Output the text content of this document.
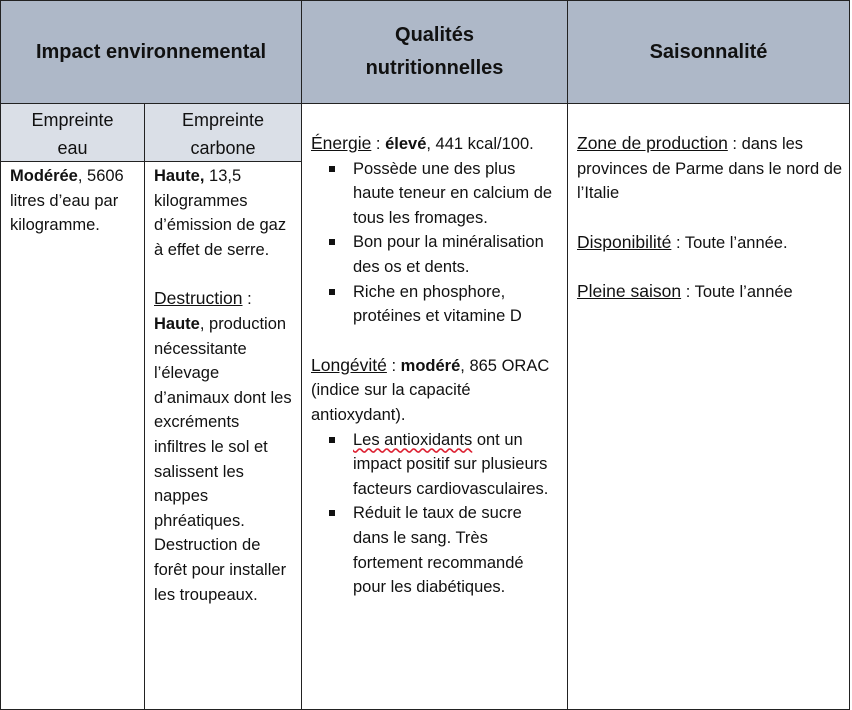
Impact environnemental
Qualités
nutritionnelles
Saisonnalité
Empreinte
eau
Empreinte
carbone
Modérée, 5606 litres d’eau par kilogramme.
Haute, 13,5 kilogrammes d’émission de gaz à effet de serre.
Destruction : Haute, production nécessitante l’élevage d’animaux dont les excréments infiltres le sol et salissent les nappes phréatiques. Destruction de forêt pour installer les troupeaux.
Énergie : élevé, 441 kcal/100.
Possède une des plus haute teneur en calcium de tous les fromages.
Bon pour la minéralisation des os et dents.
Riche en phosphore, protéines et vitamine D
Longévité : modéré, 865 ORAC (indice sur la capacité antioxydant).
Les antioxidants ont un impact positif sur plusieurs facteurs cardiovasculaires.
Réduit le taux de sucre dans le sang. Très fortement recommandé pour les diabétiques.
Zone de production : dans les provinces de Parme dans le nord de l’Italie
Disponibilité : Toute l’année.
Pleine saison : Toute l’année
